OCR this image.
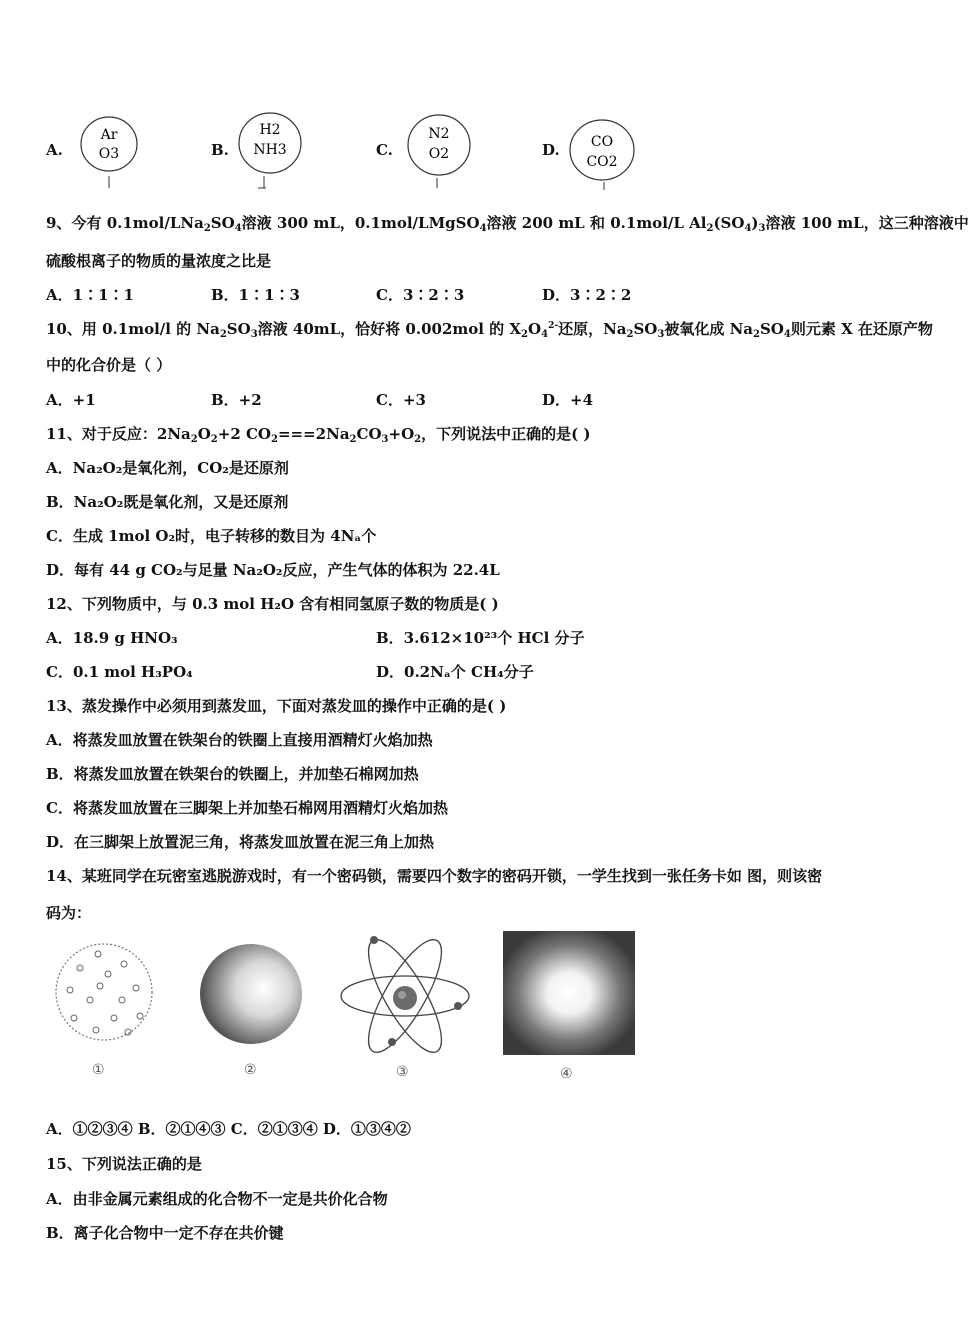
A.
Ar
O3	B.
H2
NH3	C.
N2
O2	D. CO
CO2
9、今有 $0.1mol/LNa_2SO_4$溶液 300 mL，0.1mol/LMgSO$_4$溶液 200 mL 和 0.1mol/L $Al_2(SO_4)_3$溶液 100 mL，这三种溶液中
硫酸根离子的物质的量浓度之比是
A．1∶1∶1	B．1∶1∶3	C．3∶2∶3	D．3∶2∶2
10、用 0.1mol/l 的 $Na_2SO_3$溶液 40mL，恰好将 0.002mol 的 $X_2O_4^{2-}$还原，$Na_2SO_3$被氧化成 $Na_2SO_4$则元素 X 在还原产物
中的化合价是（ ）
A．+1	B．+2	C．+3	D．+4
11、对于反应：$2Na_2O_2+2$ $CO_2===2Na_2CO_3+O_2$，下列说法中正确的是( )
A．Na₂O₂是氧化剂，CO₂是还原剂
B．Na₂O₂既是氧化剂，又是还原剂
C．生成 1mol O₂时，电子转移的数目为 4Nₐ个
D．每有 44 g CO₂与足量 Na₂O₂反应，产生气体的体积为 22.4L
12、下列物质中，与 0.3 mol H₂O 含有相同氢原子数的物质是( )
A．18.9 g HNO₃	B．3.612×10²³个 HCl 分子
C．0.1 mol H₃PO₄	D．0.2Nₐ个 CH₄分子
13、蒸发操作中必须用到蒸发皿，下面对蒸发皿的操作中正确的是( )
A．将蒸发皿放置在铁架台的铁圈上直接用酒精灯火焰加热
B．将蒸发皿放置在铁架台的铁圈上，并加垫石棉网加热
C．将蒸发皿放置在三脚架上并加垫石棉网用酒精灯火焰加热
D．在三脚架上放置泥三角，将蒸发皿放置在泥三角上加热
14、某班同学在玩密室逃脱游戏时，有一个密码锁，需要四个数字的密码开锁，一学生找到一张任务卡如 图，则该密
码为：
①	②	③	④
A．①②③④ B．②①④③ C．②①③④ D．①③④②
15、下列说法正确的是
A．由非金属元素组成的化合物不一定是共价化合物
B．离子化合物中一定不存在共价键
